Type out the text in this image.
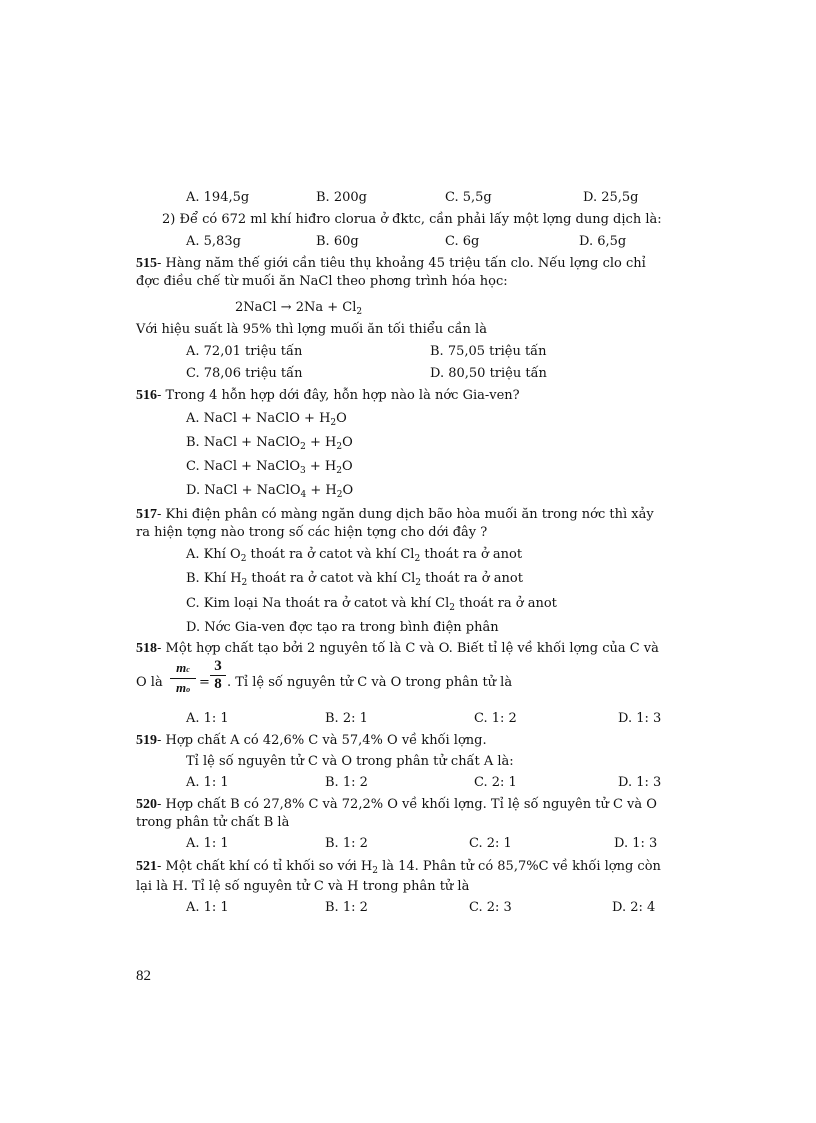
A. 194,5g	B. 200g	C. 5,5g	D. 25,5g
2) Để có 672 ml khí hiđro clorua ở đktc, cần phải lấy một lợng dung dịch là:
A. 5,83g	B. 60g	C. 6g	D. 6,5g
515- Hàng năm thế giới cần tiêu thụ khoảng 45 triệu tấn clo. Nếu lợng clo chỉ
đợc điều chế từ muối ăn NaCl theo phơng trình hóa học:
2NaCl → $2Na + Cl_2$
Với hiệu suất là 95% thì lợng muối ăn tối thiểu cần là
A. 72,01 triệu tấn	B. 75,05 triệu tấn
C. 78,06 triệu tấn	D. 80,50 triệu tấn
516- Trong 4 hỗn hợp dới đây, hỗn hợp nào là nớc Gia-ven?
A. NaCl + NaClO + $H_2O$
B. NaCl + NaClO$_2$ + $H_2O$
C. NaCl + NaClO$_3$ + $H_2O$
D. NaCl + NaClO$_4$ + $H_2O$
517- Khi điện phân có màng ngăn dung dịch bão hòa muối ăn trong nớc thì xảy
ra hiện tợng nào trong số các hiện tợng cho dới đây ?
A. Khí $O_2$ thoát ra ở catot và khí $Cl_2$ thoát ra ở anot
B. Khí $H_2$ thoát ra ở catot và khí $Cl_2$ thoát ra ở anot
C. Kim loại Na thoát ra ở catot và khí $Cl_2$ thoát ra ở anot
D. Nớc Gia-ven đợc tạo ra trong bình điện phân
518- Một hợp chất tạo bởi 2 nguyên tố là C và O. Biết tỉ lệ về khối lợng của C và
O là
mc
mo =
3
8 . Tỉ lệ số nguyên tử C và O trong phân tử là
A. 1: 1	B. 2: 1	C. 1: 2	D. 1: 3
519- Hợp chất A có 42,6% C và 57,4% O về khối lợng.
Tỉ lệ số nguyên tử C và O trong phân tử chất A là:
A. 1: 1	B. 1: 2	C. 2: 1	D. 1: 3
520- Hợp chất B có 27,8% C và 72,2% O về khối lợng. Tỉ lệ số nguyên tử C và O
trong phân tử chất B là
A. 1: 1	B. 1: 2	C. 2: 1	D. 1: 3
521- Một chất khí có tỉ khối so với $H_2$ là 14. Phân tử có 85,7%C về khối lợng còn
lại là H. Tỉ lệ số nguyên tử C và H trong phân tử là
A. 1: 1	B. 1: 2	C. 2: 3	D. 2: 4
82
